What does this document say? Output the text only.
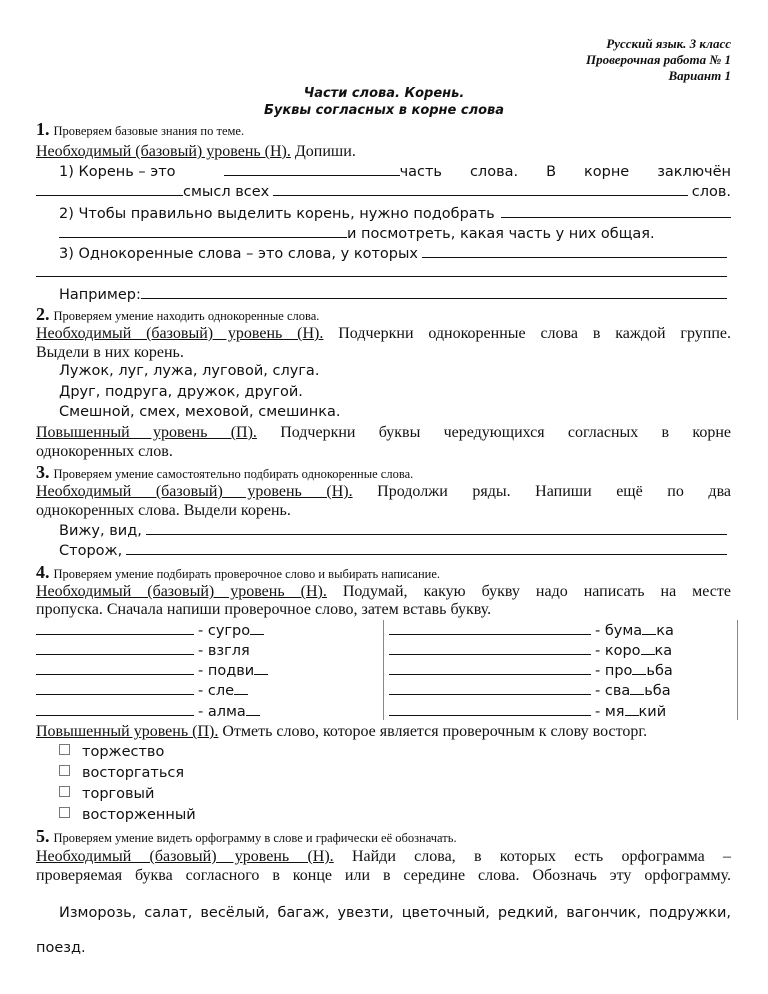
Русский язык. 3 класс
Проверочная работа № 1
Вариант 1
Части слова. Корень.
Буквы согласных в корне слова
1. Проверяем базовые знания по теме.
Необходимый (базовый) уровень (Н). Допиши.
1) Корень – это	часть слова. В корне заключён
смысл всех	слов.
2) Чтобы правильно выделить корень, нужно подобрать
и посмотреть, какая часть у них общая.
3) Однокоренные слова – это слова, у которых
Например:
2. Проверяем умение находить однокоренные слова.
Необходимый (базовый) уровень (Н). Подчеркни однокоренные слова в каждой группе.
Выдели в них корень.
Лужок, луг, лужа, луговой, слуга.
Друг, подруга, дружок, другой.
Смешной, смех, меховой, смешинка.
Повышенный уровень (П). Подчеркни буквы чередующихся согласных в корне
однокоренных слов.
3. Проверяем умение самостоятельно подбирать однокоренные слова.
Необходимый (базовый) уровень (Н). Продолжи ряды. Напиши ещё по два
однокоренных слова. Выдели корень.
Вижу, вид,
Сторож,
4. Проверяем умение подбирать проверочное слово и выбирать написание.
Необходимый (базовый) уровень (Н). Подумай, какую букву надо написать на месте
пропуска. Сначала напиши проверочное слово, затем вставь букву.
- сугро
- взгля
- подви
- сле
- алма
- бума ка
- коро ка
- про ьба
- сва ьба
- мя кий
Повышенный уровень (П). Отметь слово, которое является проверочным к слову восторг.
торжество
восторгаться
торговый
восторженный
5. Проверяем умение видеть орфограмму в слове и графически её обозначать.
Необходимый (базовый) уровень (Н). Найди слова, в которых есть орфограмма –
проверяемая буква согласного в конце или в середине слова. Обозначь эту орфограмму.
Изморозь, салат, весёлый, багаж, увезти, цветочный, редкий, вагончик, подружки,
поезд.
